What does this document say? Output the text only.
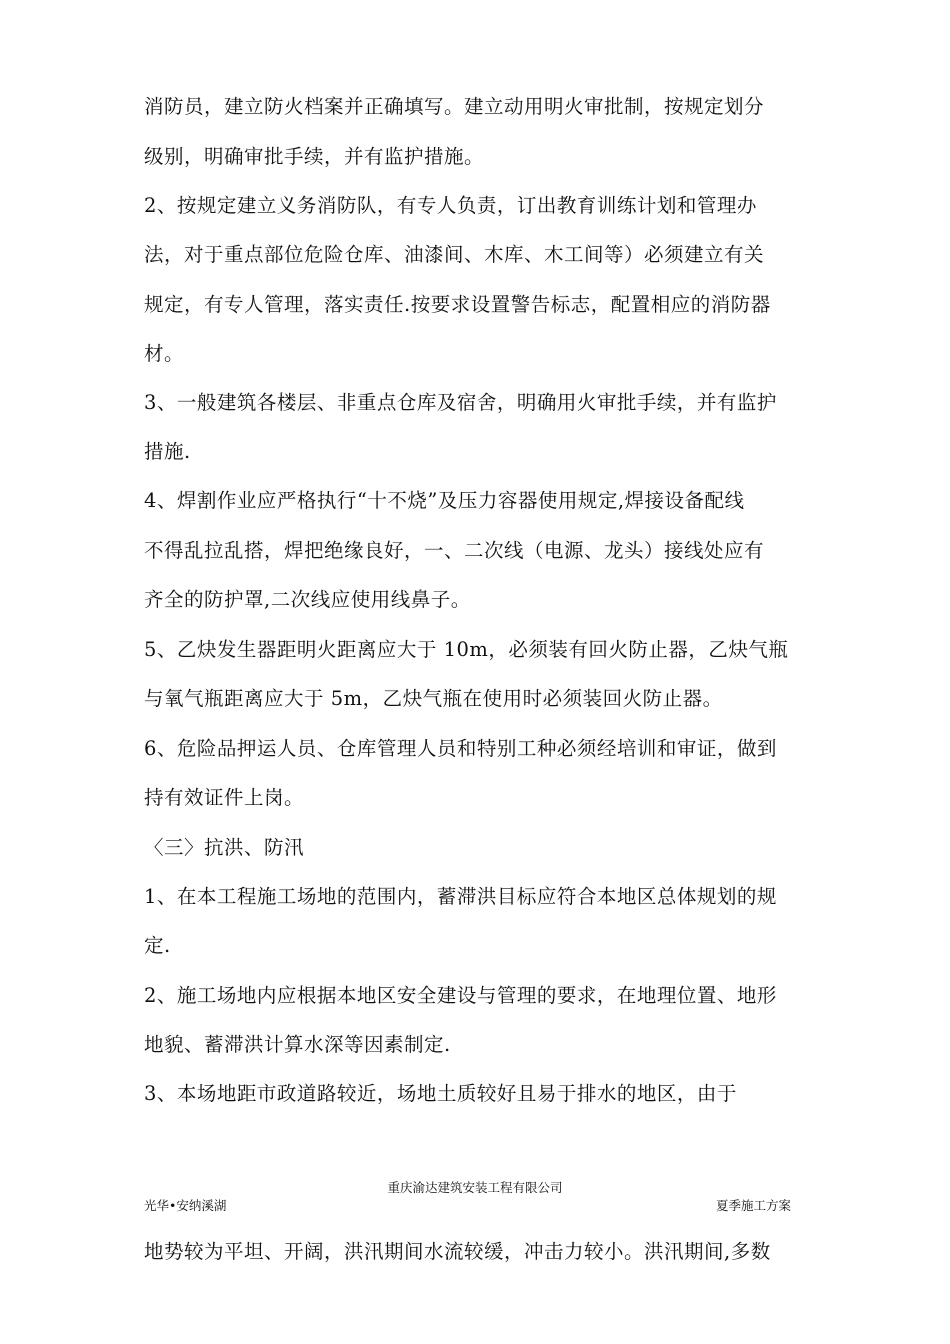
消防员，建立防火档案并正确填写。建立动用明火审批制，按规定划分
级别，明确审批手续，并有监护措施。
2、按规定建立义务消防队，有专人负责，订出教育训练计划和管理办
法，对于重点部位危险仓库、油漆间、木库、木工间等）必须建立有关
规定，有专人管理，落实责任.按要求设置警告标志，配置相应的消防器
材。
3、一般建筑各楼层、非重点仓库及宿舍，明确用火审批手续，并有监护
措施.
4、焊割作业应严格执行“十不烧”及压力容器使用规定,焊接设备配线
不得乱拉乱搭，焊把绝缘良好，一、二次线（电源、龙头）接线处应有
齐全的防护罩,二次线应使用线鼻子。
5、乙炔发生器距明火距离应大于 10m，必须装有回火防止器，乙炔气瓶
与氧气瓶距离应大于 5m，乙炔气瓶在使用时必须装回火防止器。
6、危险品押运人员、仓库管理人员和特别工种必须经培训和审证，做到
持有效证件上岗。
〈三〉抗洪、防汛
1、在本工程施工场地的范围内，蓄滞洪目标应符合本地区总体规划的规
定.
2、施工场地内应根据本地区安全建设与管理的要求，在地理位置、地形
地貌、蓄滞洪计算水深等因素制定.
3、本场地距市政道路较近，场地土质较好且易于排水的地区，由于
重庆渝达建筑安装工程有限公司
光华•安纳溪湖	夏季施工方案
地势较为平坦、开阔，洪汛期间水流较缓，冲击力较小。洪汛期间,多数
